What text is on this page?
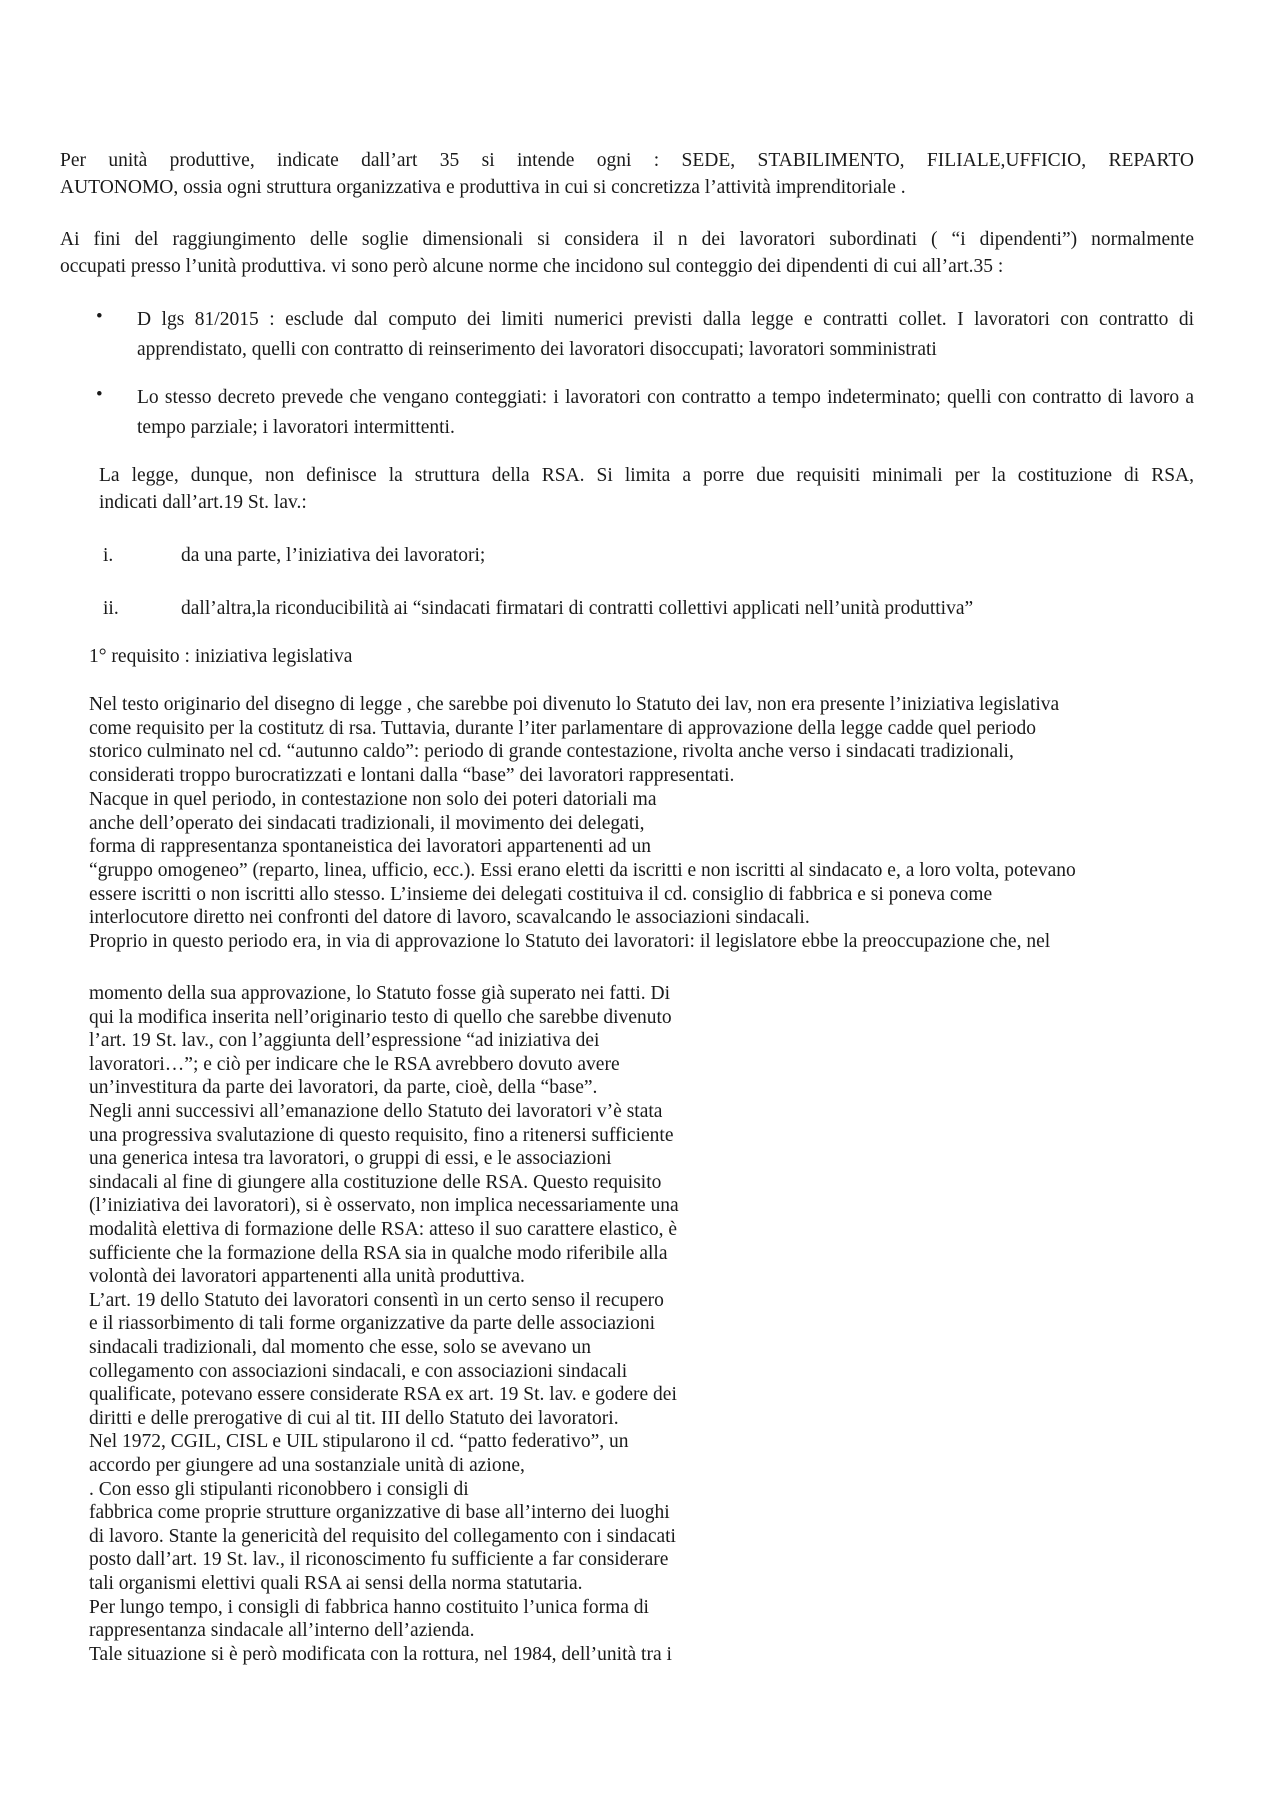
Per unità produttive, indicate dall’art 35 si intende ogni : SEDE, STABILIMENTO, FILIALE,UFFICIO, REPARTO
AUTONOMO, ossia ogni struttura organizzativa e produttiva in cui si concretizza l’attività imprenditoriale .
Ai fini del raggiungimento delle soglie dimensionali si considera il n dei lavoratori subordinati ( “i dipendenti”) normalmente
occupati presso l’unità produttiva. vi sono però alcune norme che incidono sul conteggio dei dipendenti di cui all’art.35 :
• D lgs 81/2015 : esclude dal computo dei limiti numerici previsti dalla legge e contratti collet. I lavoratori con contratto di apprendistato, quelli con contratto di reinserimento dei lavoratori disoccupati; lavoratori somministrati
• Lo stesso decreto prevede che vengano conteggiati: i lavoratori con contratto a tempo indeterminato; quelli con contratto di lavoro a tempo parziale; i lavoratori intermittenti.
La legge, dunque, non definisce la struttura della RSA. Si limita a porre due requisiti minimali per la costituzione di RSA,
indicati dall’art.19 St. lav.:
i.	da una parte, l’iniziativa dei lavoratori;
ii.	dall’altra,la riconducibilità ai “sindacati firmatari di contratti collettivi applicati nell’unità produttiva”
1° requisito : iniziativa legislativa
Nel testo originario del disegno di legge , che sarebbe poi divenuto lo Statuto dei lav, non era presente l’iniziativa legislativa
come requisito per la costitutz di rsa. Tuttavia, durante l’iter parlamentare di approvazione della legge cadde quel periodo
storico culminato nel cd. “autunno caldo”: periodo di grande contestazione, rivolta anche verso i sindacati tradizionali,
considerati troppo burocratizzati e lontani dalla “base” dei lavoratori rappresentati.
Nacque in quel periodo, in contestazione non solo dei poteri datoriali ma
anche dell’operato dei sindacati tradizionali, il movimento dei delegati,
forma di rappresentanza spontaneistica dei lavoratori appartenenti ad un
“gruppo omogeneo” (reparto, linea, ufficio, ecc.). Essi erano eletti da iscritti e non iscritti al sindacato e, a loro volta, potevano
essere iscritti o non iscritti allo stesso. L’insieme dei delegati costituiva il cd. consiglio di fabbrica e si poneva come
interlocutore diretto nei confronti del datore di lavoro, scavalcando le associazioni sindacali.
Proprio in questo periodo era, in via di approvazione lo Statuto dei lavoratori: il legislatore ebbe la preoccupazione che, nel
momento della sua approvazione, lo Statuto fosse già superato nei fatti. Di
qui la modifica inserita nell’originario testo di quello che sarebbe divenuto
l’art. 19 St. lav., con l’aggiunta dell’espressione “ad iniziativa dei
lavoratori…”; e ciò per indicare che le RSA avrebbero dovuto avere
un’investitura da parte dei lavoratori, da parte, cioè, della “base”.
Negli anni successivi all’emanazione dello Statuto dei lavoratori v’è stata
una progressiva svalutazione di questo requisito, fino a ritenersi sufficiente
una generica intesa tra lavoratori, o gruppi di essi, e le associazioni
sindacali al fine di giungere alla costituzione delle RSA. Questo requisito
(l’iniziativa dei lavoratori), si è osservato, non implica necessariamente una
modalità elettiva di formazione delle RSA: atteso il suo carattere elastico, è
sufficiente che la formazione della RSA sia in qualche modo riferibile alla
volontà dei lavoratori appartenenti alla unità produttiva.
L’art. 19 dello Statuto dei lavoratori consentì in un certo senso il recupero
e il riassorbimento di tali forme organizzative da parte delle associazioni
sindacali tradizionali, dal momento che esse, solo se avevano un
collegamento con associazioni sindacali, e con associazioni sindacali
qualificate, potevano essere considerate RSA ex art. 19 St. lav. e godere dei
diritti e delle prerogative di cui al tit. III dello Statuto dei lavoratori.
Nel 1972, CGIL, CISL e UIL stipularono il cd. “patto federativo”, un
accordo per giungere ad una sostanziale unità di azione,
. Con esso gli stipulanti riconobbero i consigli di
fabbrica come proprie strutture organizzative di base all’interno dei luoghi
di lavoro. Stante la genericità del requisito del collegamento con i sindacati
posto dall’art. 19 St. lav., il riconoscimento fu sufficiente a far considerare
tali organismi elettivi quali RSA ai sensi della norma statutaria.
Per lungo tempo, i consigli di fabbrica hanno costituito l’unica forma di
rappresentanza sindacale all’interno dell’azienda.
Tale situazione si è però modificata con la rottura, nel 1984, dell’unità tra i
